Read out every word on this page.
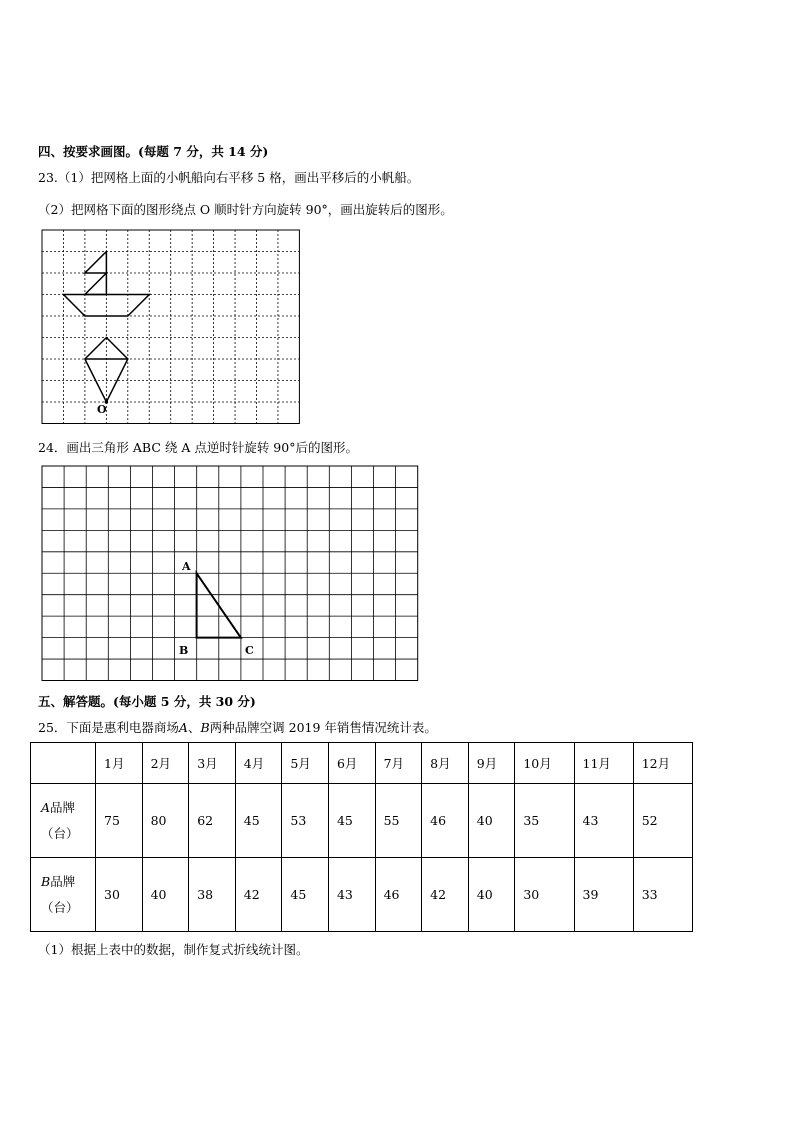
四、按要求画图。(每题 7 分，共 14 分)
23.（1）把网格上面的小帆船向右平移 5 格，画出平移后的小帆船。
（2）把网格下面的图形绕点 O 顺时针方向旋转 90°，画出旋转后的图形。
O
24．画出三角形 ABC 绕 A 点逆时针旋转 90°后的图形。
A
B	C
五、解答题。(每小题 5 分，共 30 分)
25．下面是惠利电器商场A、B两种品牌空调 2019 年销售情况统计表。
	1月	2月	3月	4月	5月	6月	7月	8月	9月	10月	11月	12月
A品牌
（台）	75	80	62	45	53	45	55	46	40	35	43	52
B品牌
（台）	30	40	38	42	45	43	46	42	40	30	39	33
（1）根据上表中的数据，制作复式折线统计图。
